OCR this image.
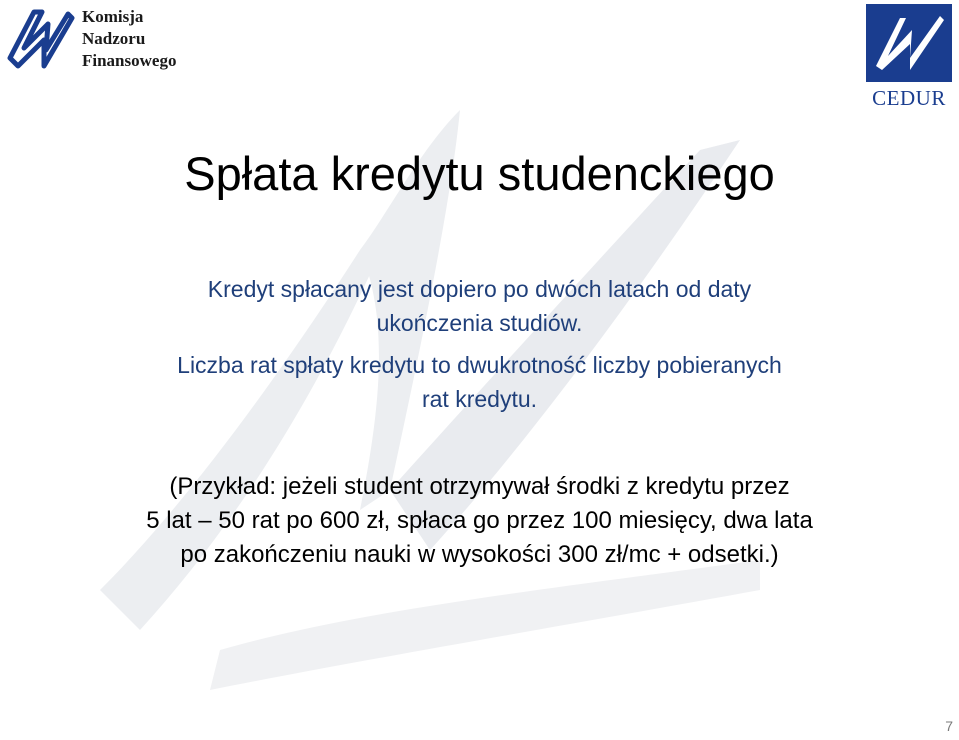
Komisja
Nadzoru
Finansowego
CEDUR
Spłata kredytu studenckiego
Kredyt spłacany jest dopiero po dwóch latach od daty
ukończenia studiów.
Liczba rat spłaty kredytu to dwukrotność liczby pobieranych
rat kredytu.
(Przykład: jeżeli student otrzymywał środki z kredytu przez
5 lat – 50 rat po 600 zł, spłaca go przez 100 miesięcy, dwa lata
po zakończeniu nauki w wysokości 300 zł/mc + odsetki.)
7
